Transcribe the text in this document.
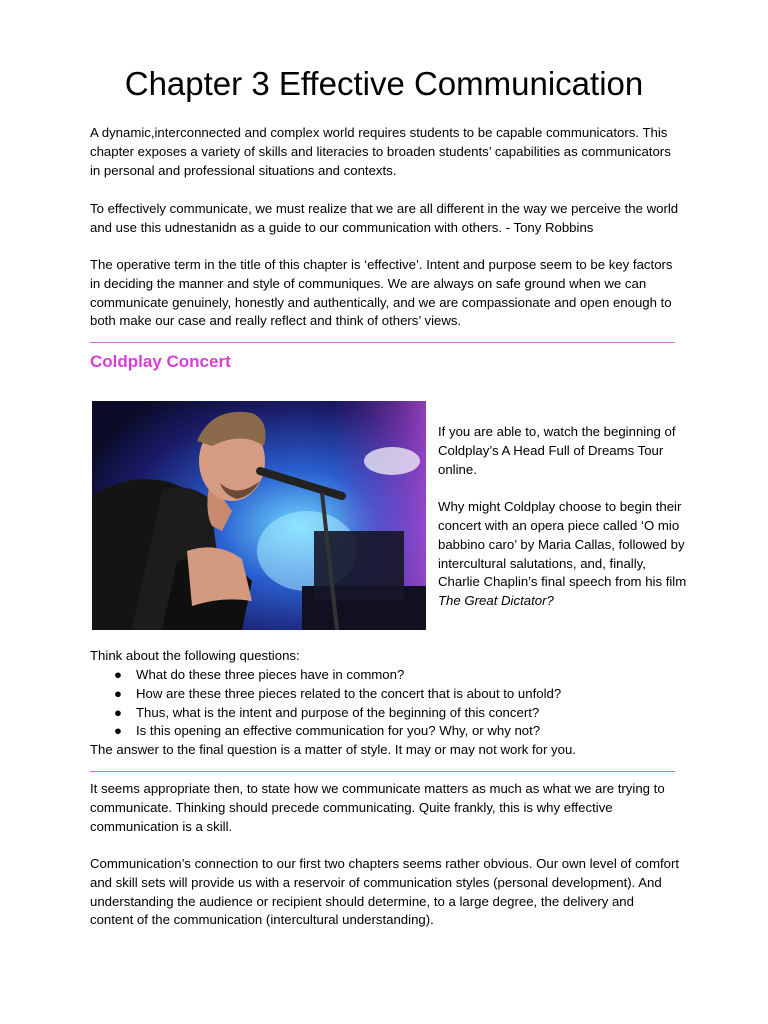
Chapter 3 Effective Communication

A dynamic,interconnected and complex world requires students to be capable communicators. This chapter exposes a variety of skills and literacies to broaden students’ capabilities as communicators in personal and professional situations and contexts.

To effectively communicate, we must realize that we are all different in the way we perceive the world and use this udnestanidn as a guide to our communication with others. - Tony Robbins

The operative term in the title of this chapter is ‘effective’. Intent and purpose seem to be key factors in deciding the manner and style of communiques. We are always on safe ground when we can communicate genuinely, honestly and authentically, and we are compassionate and open enough to both make our case and really reflect and think of others’ views.

Coldplay Concert

If you are able to, watch the beginning of Coldplay’s A Head Full of Dreams Tour online.

Why might Coldplay choose to begin their concert with an opera piece called ‘O mio babbino caro’ by Maria Callas, followed by intercultural salutations, and, finally, Charlie Chaplin’s final speech from his film The Great Dictator?

Think about the following questions:

● What do these three pieces have in common?
● How are these three pieces related to the concert that is about to unfold?
● Thus, what is the intent and purpose of the beginning of this concert?
● Is this opening an effective communication for you? Why, or why not?

The answer to the final question is a matter of style. It may or may not work for you.

It seems appropriate then, to state how we communicate matters as much as what we are trying to communicate. Thinking should precede communicating. Quite frankly, this is why effective communication is a skill.

Communication’s connection to our first two chapters seems rather obvious. Our own level of comfort and skill sets will provide us with a reservoir of communication styles (personal development). And understanding the audience or recipient should determine, to a large degree, the delivery and content of the communication (intercultural understanding).
